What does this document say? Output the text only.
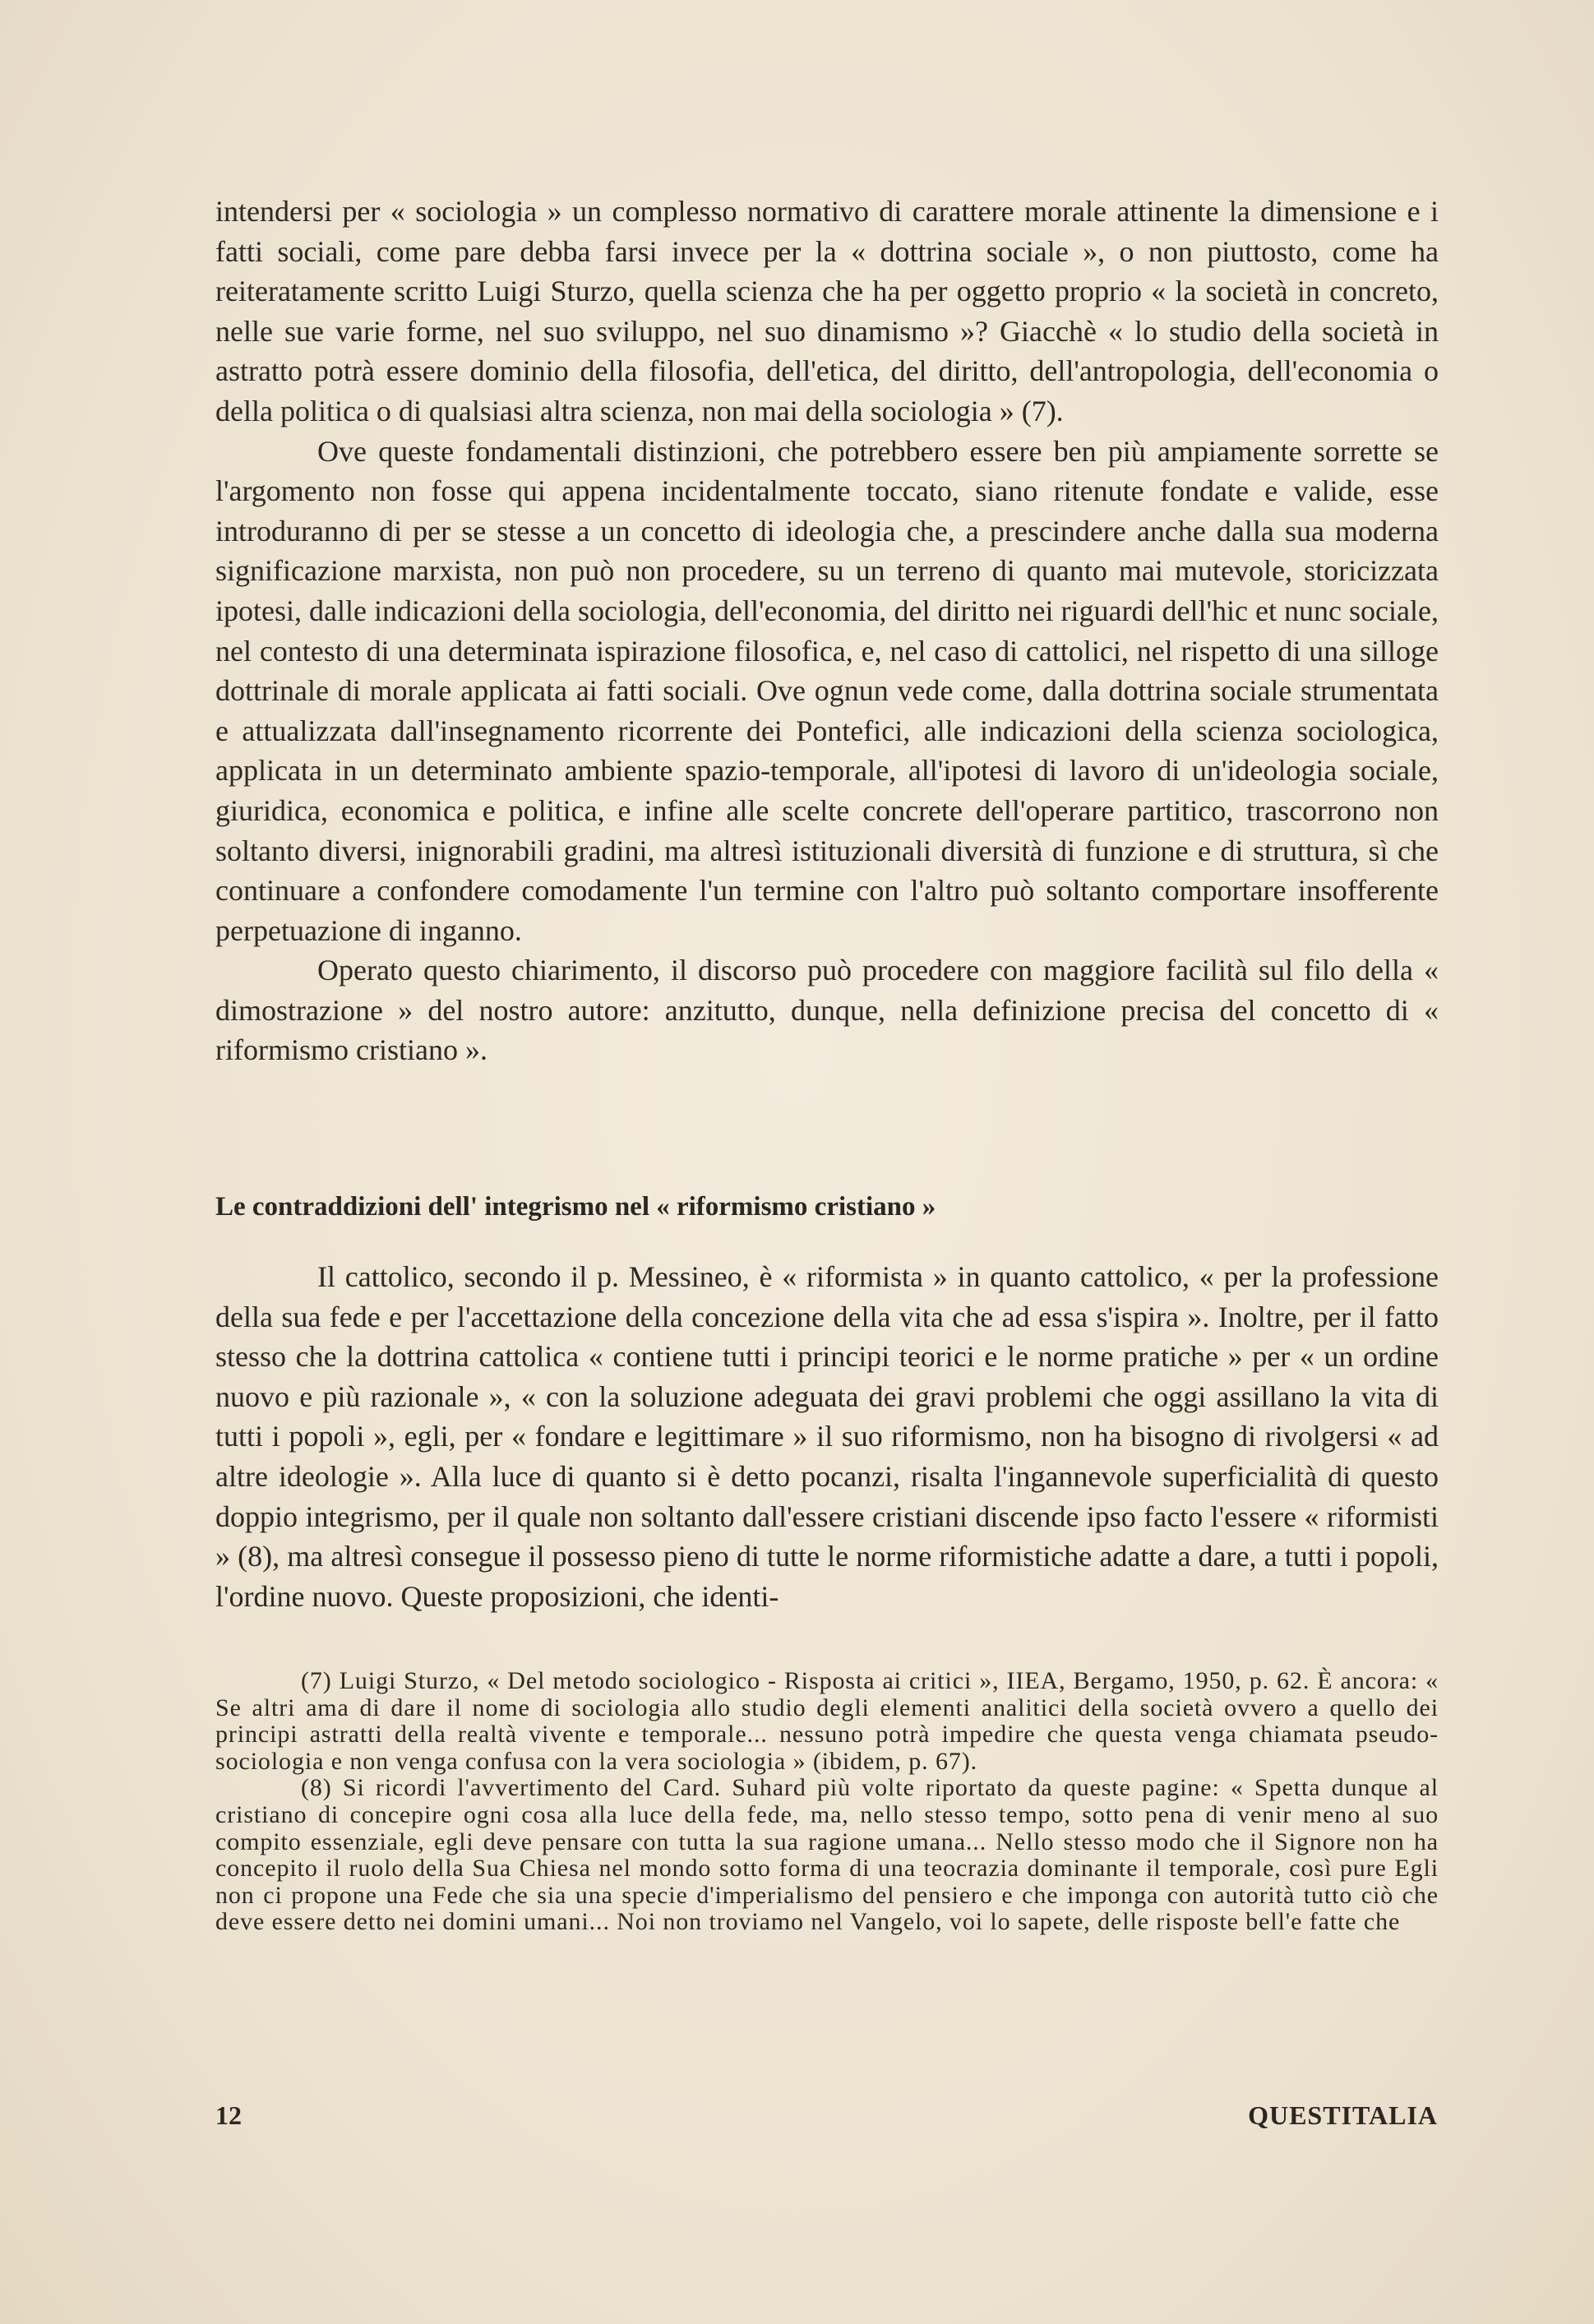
intendersi per « sociologia » un complesso normativo di carattere morale attinente la dimensione e i fatti sociali, come pare debba farsi invece per la « dottrina sociale », o non piuttosto, come ha reiteratamente scritto Luigi Sturzo, quella scienza che ha per oggetto proprio « la società in concreto, nelle sue varie forme, nel suo sviluppo, nel suo dinamismo »? Giacchè « lo studio della società in astratto potrà essere dominio della filosofia, dell'etica, del diritto, dell'antropologia, dell'economia o della politica o di qualsiasi altra scienza, non mai della sociologia » (7).

Ove queste fondamentali distinzioni, che potrebbero essere ben più ampiamente sorrette se l'argomento non fosse qui appena incidentalmente toccato, siano ritenute fondate e valide, esse introduranno di per se stesse a un concetto di ideologia che, a prescindere anche dalla sua moderna significazione marxista, non può non procedere, su un terreno di quanto mai mutevole, storicizzata ipotesi, dalle indicazioni della sociologia, dell'economia, del diritto nei riguardi dell'hic et nunc sociale, nel contesto di una determinata ispirazione filosofica, e, nel caso di cattolici, nel rispetto di una silloge dottrinale di morale applicata ai fatti sociali. Ove ognun vede come, dalla dottrina sociale strumentata e attualizzata dall'insegnamento ricorrente dei Pontefici, alle indicazioni della scienza sociologica, applicata in un determinato ambiente spazio-temporale, all'ipotesi di lavoro di un'ideologia sociale, giuridica, economica e politica, e infine alle scelte concrete dell'operare partitico, trascorrono non soltanto diversi, inignorabili gradini, ma altresì istituzionali diversità di funzione e di struttura, sì che continuare a confondere comodamente l'un termine con l'altro può soltanto comportare insofferente perpetuazione di inganno.

Operato questo chiarimento, il discorso può procedere con maggiore facilità sul filo della « dimostrazione » del nostro autore: anzitutto, dunque, nella definizione precisa del concetto di « riformismo cristiano ».

Le contraddizioni dell' integrismo nel « riformismo cristiano »

Il cattolico, secondo il p. Messineo, è « riformista » in quanto cattolico, « per la professione della sua fede e per l'accettazione della concezione della vita che ad essa s'ispira ». Inoltre, per il fatto stesso che la dottrina cattolica « contiene tutti i principi teorici e le norme pratiche » per « un ordine nuovo e più razionale », « con la soluzione adeguata dei gravi problemi che oggi assillano la vita di tutti i popoli », egli, per « fondare e legittimare » il suo riformismo, non ha bisogno di rivolgersi « ad altre ideologie ». Alla luce di quanto si è detto pocanzi, risalta l'ingannevole superficialità di questo doppio integrismo, per il quale non soltanto dall'essere cristiani discende ipso facto l'essere « riformisti » (8), ma altresì consegue il possesso pieno di tutte le norme riformistiche adatte a dare, a tutti i popoli, l'ordine nuovo. Queste proposizioni, che identi-

(7) Luigi Sturzo, « Del metodo sociologico - Risposta ai critici », IIEA, Bergamo, 1950, p. 62. È ancora: « Se altri ama di dare il nome di sociologia allo studio degli elementi analitici della società ovvero a quello dei principi astratti della realtà vivente e temporale... nessuno potrà impedire che questa venga chiamata pseudo-sociologia e non venga confusa con la vera sociologia » (ibidem, p. 67).

(8) Si ricordi l'avvertimento del Card. Suhard più volte riportato da queste pagine: « Spetta dunque al cristiano di concepire ogni cosa alla luce della fede, ma, nello stesso tempo, sotto pena di venir meno al suo compito essenziale, egli deve pensare con tutta la sua ragione umana... Nello stesso modo che il Signore non ha concepito il ruolo della Sua Chiesa nel mondo sotto forma di una teocrazia dominante il temporale, così pure Egli non ci propone una Fede che sia una specie d'imperialismo del pensiero e che imponga con autorità tutto ciò che deve essere detto nei domini umani... Noi non troviamo nel Vangelo, voi lo sapete, delle risposte bell'e fatte che

12	QUESTITALIA
